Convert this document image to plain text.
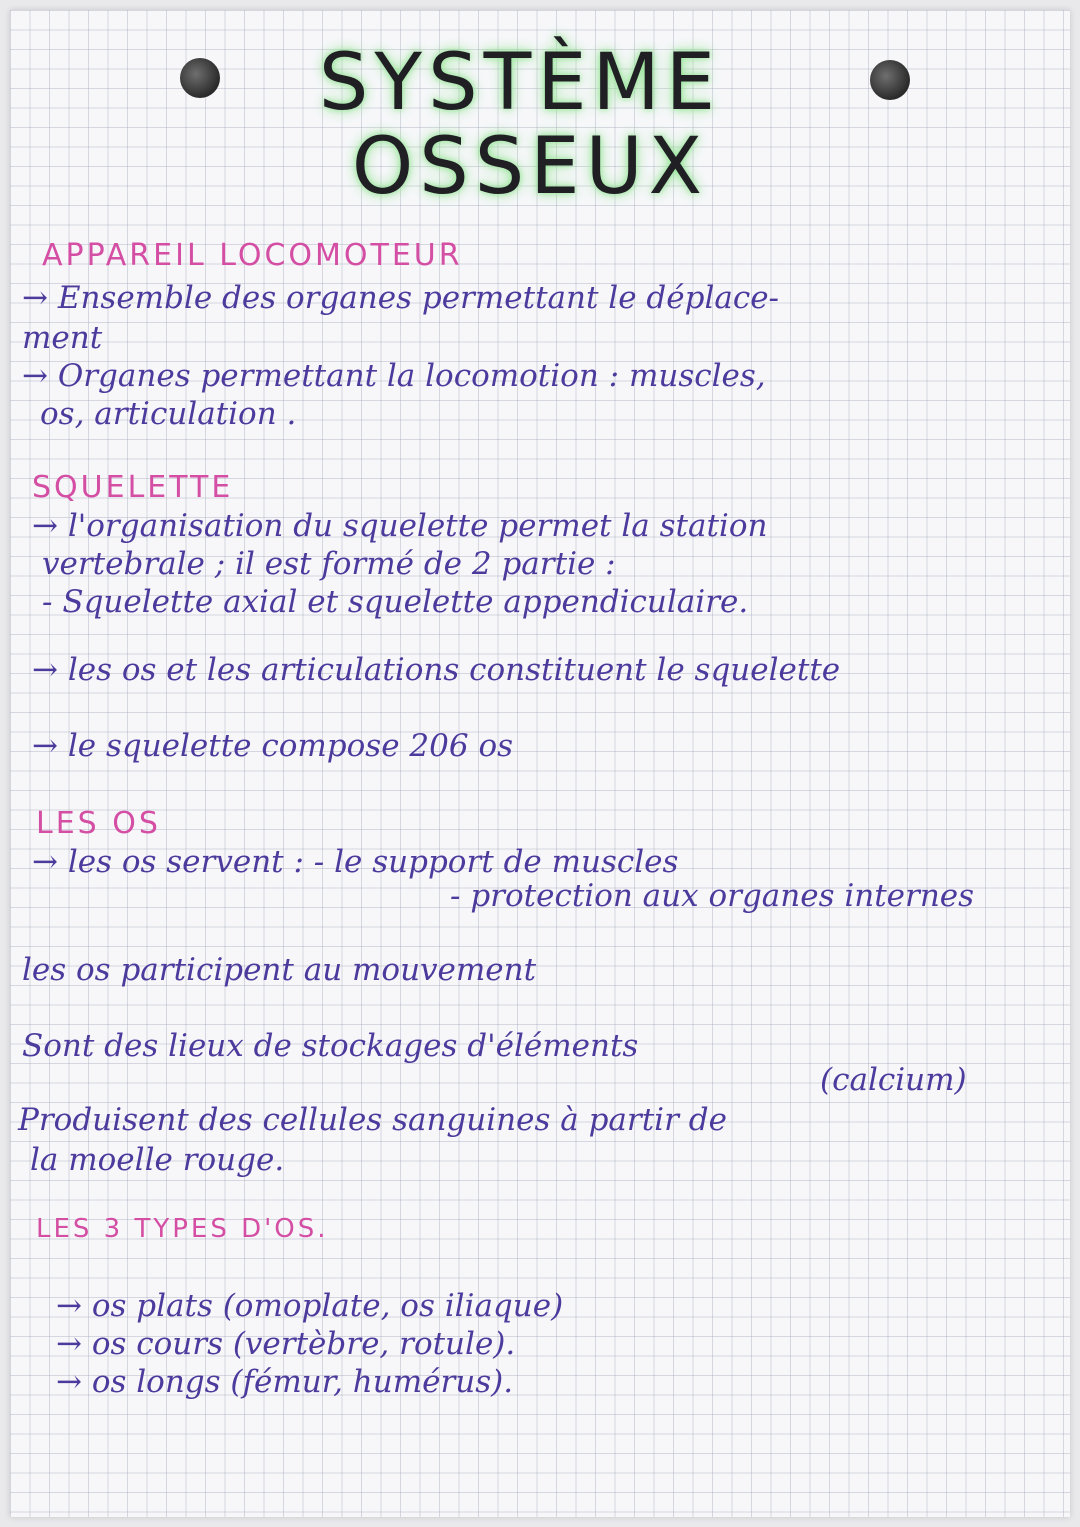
SYSTÈME
OSSEUX
APPAREIL LOCOMOTEUR
→ Ensemble des organes permettant le déplace-
ment
→ Organes permettant la locomotion : muscles,
os, articulation .
SQUELETTE
→ l'organisation du squelette permet la station
vertebrale ; il est formé de 2 partie :
- Squelette axial et squelette appendiculaire.
→ les os et les articulations constituent le squelette
→ le squelette compose 206 os
LES OS
→ les os servent : - le support de muscles
- protection aux organes internes
les os participent au mouvement
Sont des lieux de stockages d'éléments
(calcium)
Produisent des cellules sanguines à partir de
la moelle rouge.
LES 3 TYPES D'OS.
→ os plats (omoplate, os iliaque)
→ os cours (vertèbre, rotule).
→ os longs (fémur, humérus).
